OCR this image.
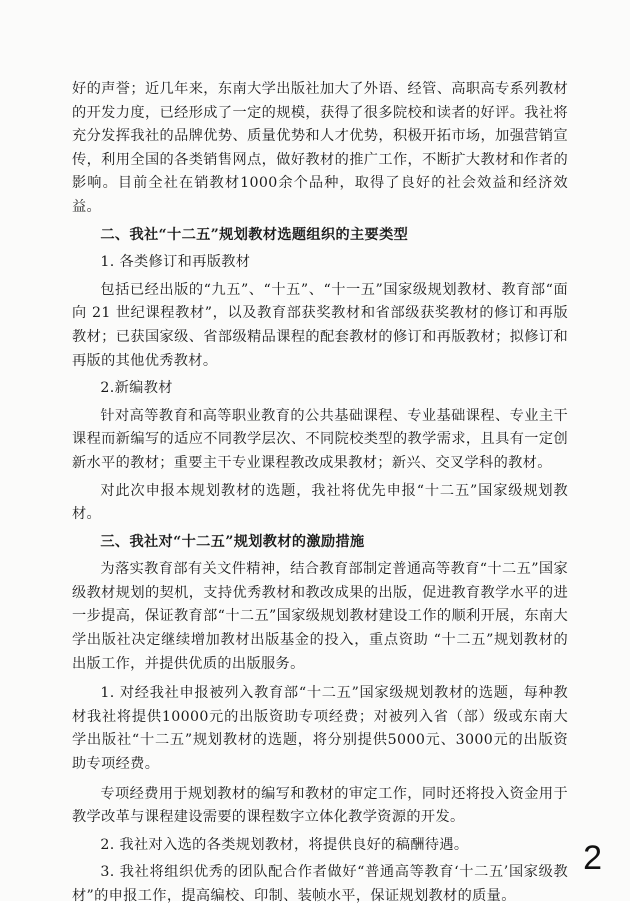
好的声誉；近几年来，东南大学出版社加大了外语、经管、高职高专系列教材的开发力度，已经形成了一定的规模，获得了很多院校和读者的好评。我社将充分发挥我社的品牌优势、质量优势和人才优势，积极开拓市场，加强营销宣传，利用全国的各类销售网点，做好教材的推广工作，不断扩大教材和作者的影响。目前全社在销教材1000余个品种，取得了良好的社会效益和经济效益。

二、我社“十二五”规划教材选题组织的主要类型

1. 各类修订和再版教材

包括已经出版的“九五”、“十五”、“十一五”国家级规划教材、教育部“面向 21 世纪课程教材”，以及教育部获奖教材和省部级获奖教材的修订和再版教材；已获国家级、省部级精品课程的配套教材的修订和再版教材；拟修订和再版的其他优秀教材。

2.新编教材

针对高等教育和高等职业教育的公共基础课程、专业基础课程、专业主干课程而新编写的适应不同教学层次、不同院校类型的教学需求，且具有一定创新水平的教材；重要主干专业课程教改成果教材；新兴、交叉学科的教材。

对此次申报本规划教材的选题，我社将优先申报“十二五”国家级规划教材。

三、我社对“十二五”规划教材的激励措施

为落实教育部有关文件精神，结合教育部制定普通高等教育“十二五”国家级教材规划的契机，支持优秀教材和教改成果的出版，促进教育教学水平的进一步提高，保证教育部“十二五”国家级规划教材建设工作的顺利开展，东南大学出版社决定继续增加教材出版基金的投入，重点资助 “十二五”规划教材的出版工作，并提供优质的出版服务。

1. 对经我社申报被列入教育部“十二五”国家级规划教材的选题，每种教材我社将提供10000元的出版资助专项经费；对被列入省（部）级或东南大学出版社“十二五”规划教材的选题，将分别提供5000元、3000元的出版资助专项经费。

专项经费用于规划教材的编写和教材的审定工作，同时还将投入资金用于教学改革与课程建设需要的课程数字立体化教学资源的开发。

2. 我社对入选的各类规划教材，将提供良好的稿酬待遇。

3. 我社将组织优秀的团队配合作者做好“普通高等教育‘十二五’国家级教材”的申报工作，提高编校、印制、装帧水平，保证规划教材的质量。

2
